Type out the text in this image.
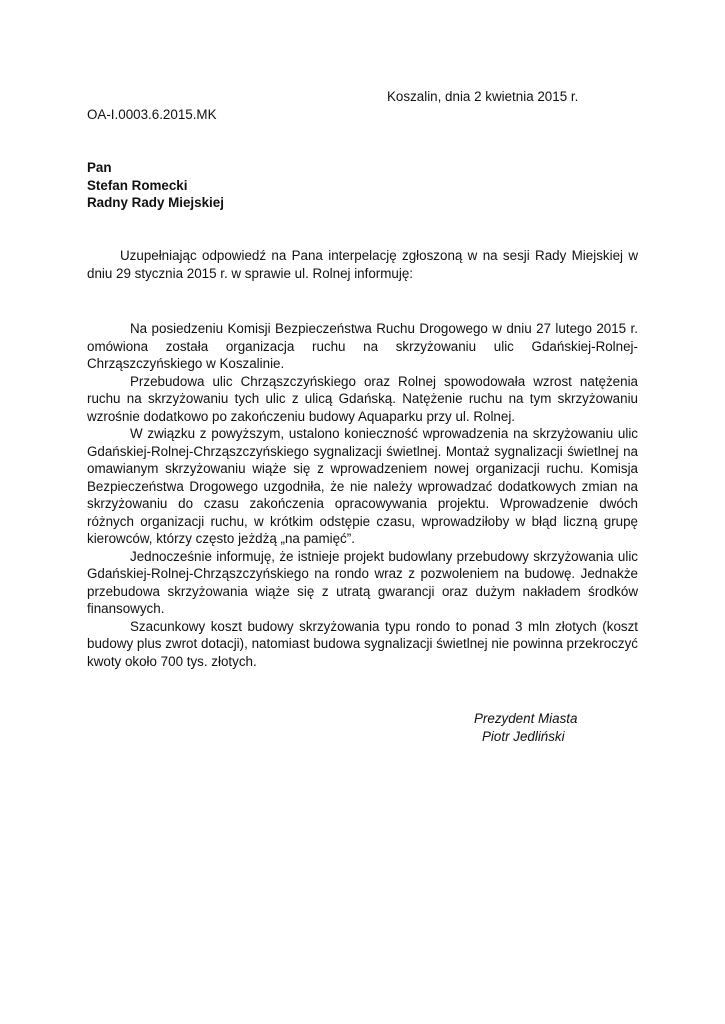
Koszalin, dnia 2 kwietnia 2015 r.
OA-I.0003.6.2015.MK
Pan
Stefan Romecki
Radny Rady Miejskiej

Uzupełniając odpowiedź na Pana interpelację zgłoszoną w na sesji Rady Miejskiej w dniu 29 stycznia 2015 r. w sprawie ul. Rolnej informuję:

Na posiedzeniu Komisji Bezpieczeństwa Ruchu Drogowego w dniu 27 lutego 2015 r. omówiona została organizacja ruchu na skrzyżowaniu ulic Gdańskiej-Rolnej-Chrząszczyńskiego w Koszalinie.

Przebudowa ulic Chrząszczyńskiego oraz Rolnej spowodowała wzrost natężenia ruchu na skrzyżowaniu tych ulic z ulicą Gdańską. Natężenie ruchu na tym skrzyżowaniu wzrośnie dodatkowo po zakończeniu budowy Aquaparku przy ul. Rolnej.

W związku z powyższym, ustalono konieczność wprowadzenia na skrzyżowaniu ulic Gdańskiej-Rolnej-Chrząszczyńskiego sygnalizacji świetlnej. Montaż sygnalizacji świetlnej na omawianym skrzyżowaniu wiąże się z wprowadzeniem nowej organizacji ruchu. Komisja Bezpieczeństwa Drogowego uzgodniła, że nie należy wprowadzać dodatkowych zmian na skrzyżowaniu do czasu zakończenia opracowywania projektu. Wprowadzenie dwóch różnych organizacji ruchu, w krótkim odstępie czasu, wprowadziłoby w błąd liczną grupę kierowców, którzy często jeżdżą „na pamięć”.

Jednocześnie informuję, że istnieje projekt budowlany przebudowy skrzyżowania ulic Gdańskiej-Rolnej-Chrząszczyńskiego na rondo wraz z pozwoleniem na budowę. Jednakże przebudowa skrzyżowania wiąże się z utratą gwarancji oraz dużym nakładem środków finansowych.

Szacunkowy koszt budowy skrzyżowania typu rondo to ponad 3 mln złotych (koszt budowy plus zwrot dotacji), natomiast budowa sygnalizacji świetlnej nie powinna przekroczyć kwoty około 700 tys. złotych.

Prezydent Miasta
Piotr Jedliński
